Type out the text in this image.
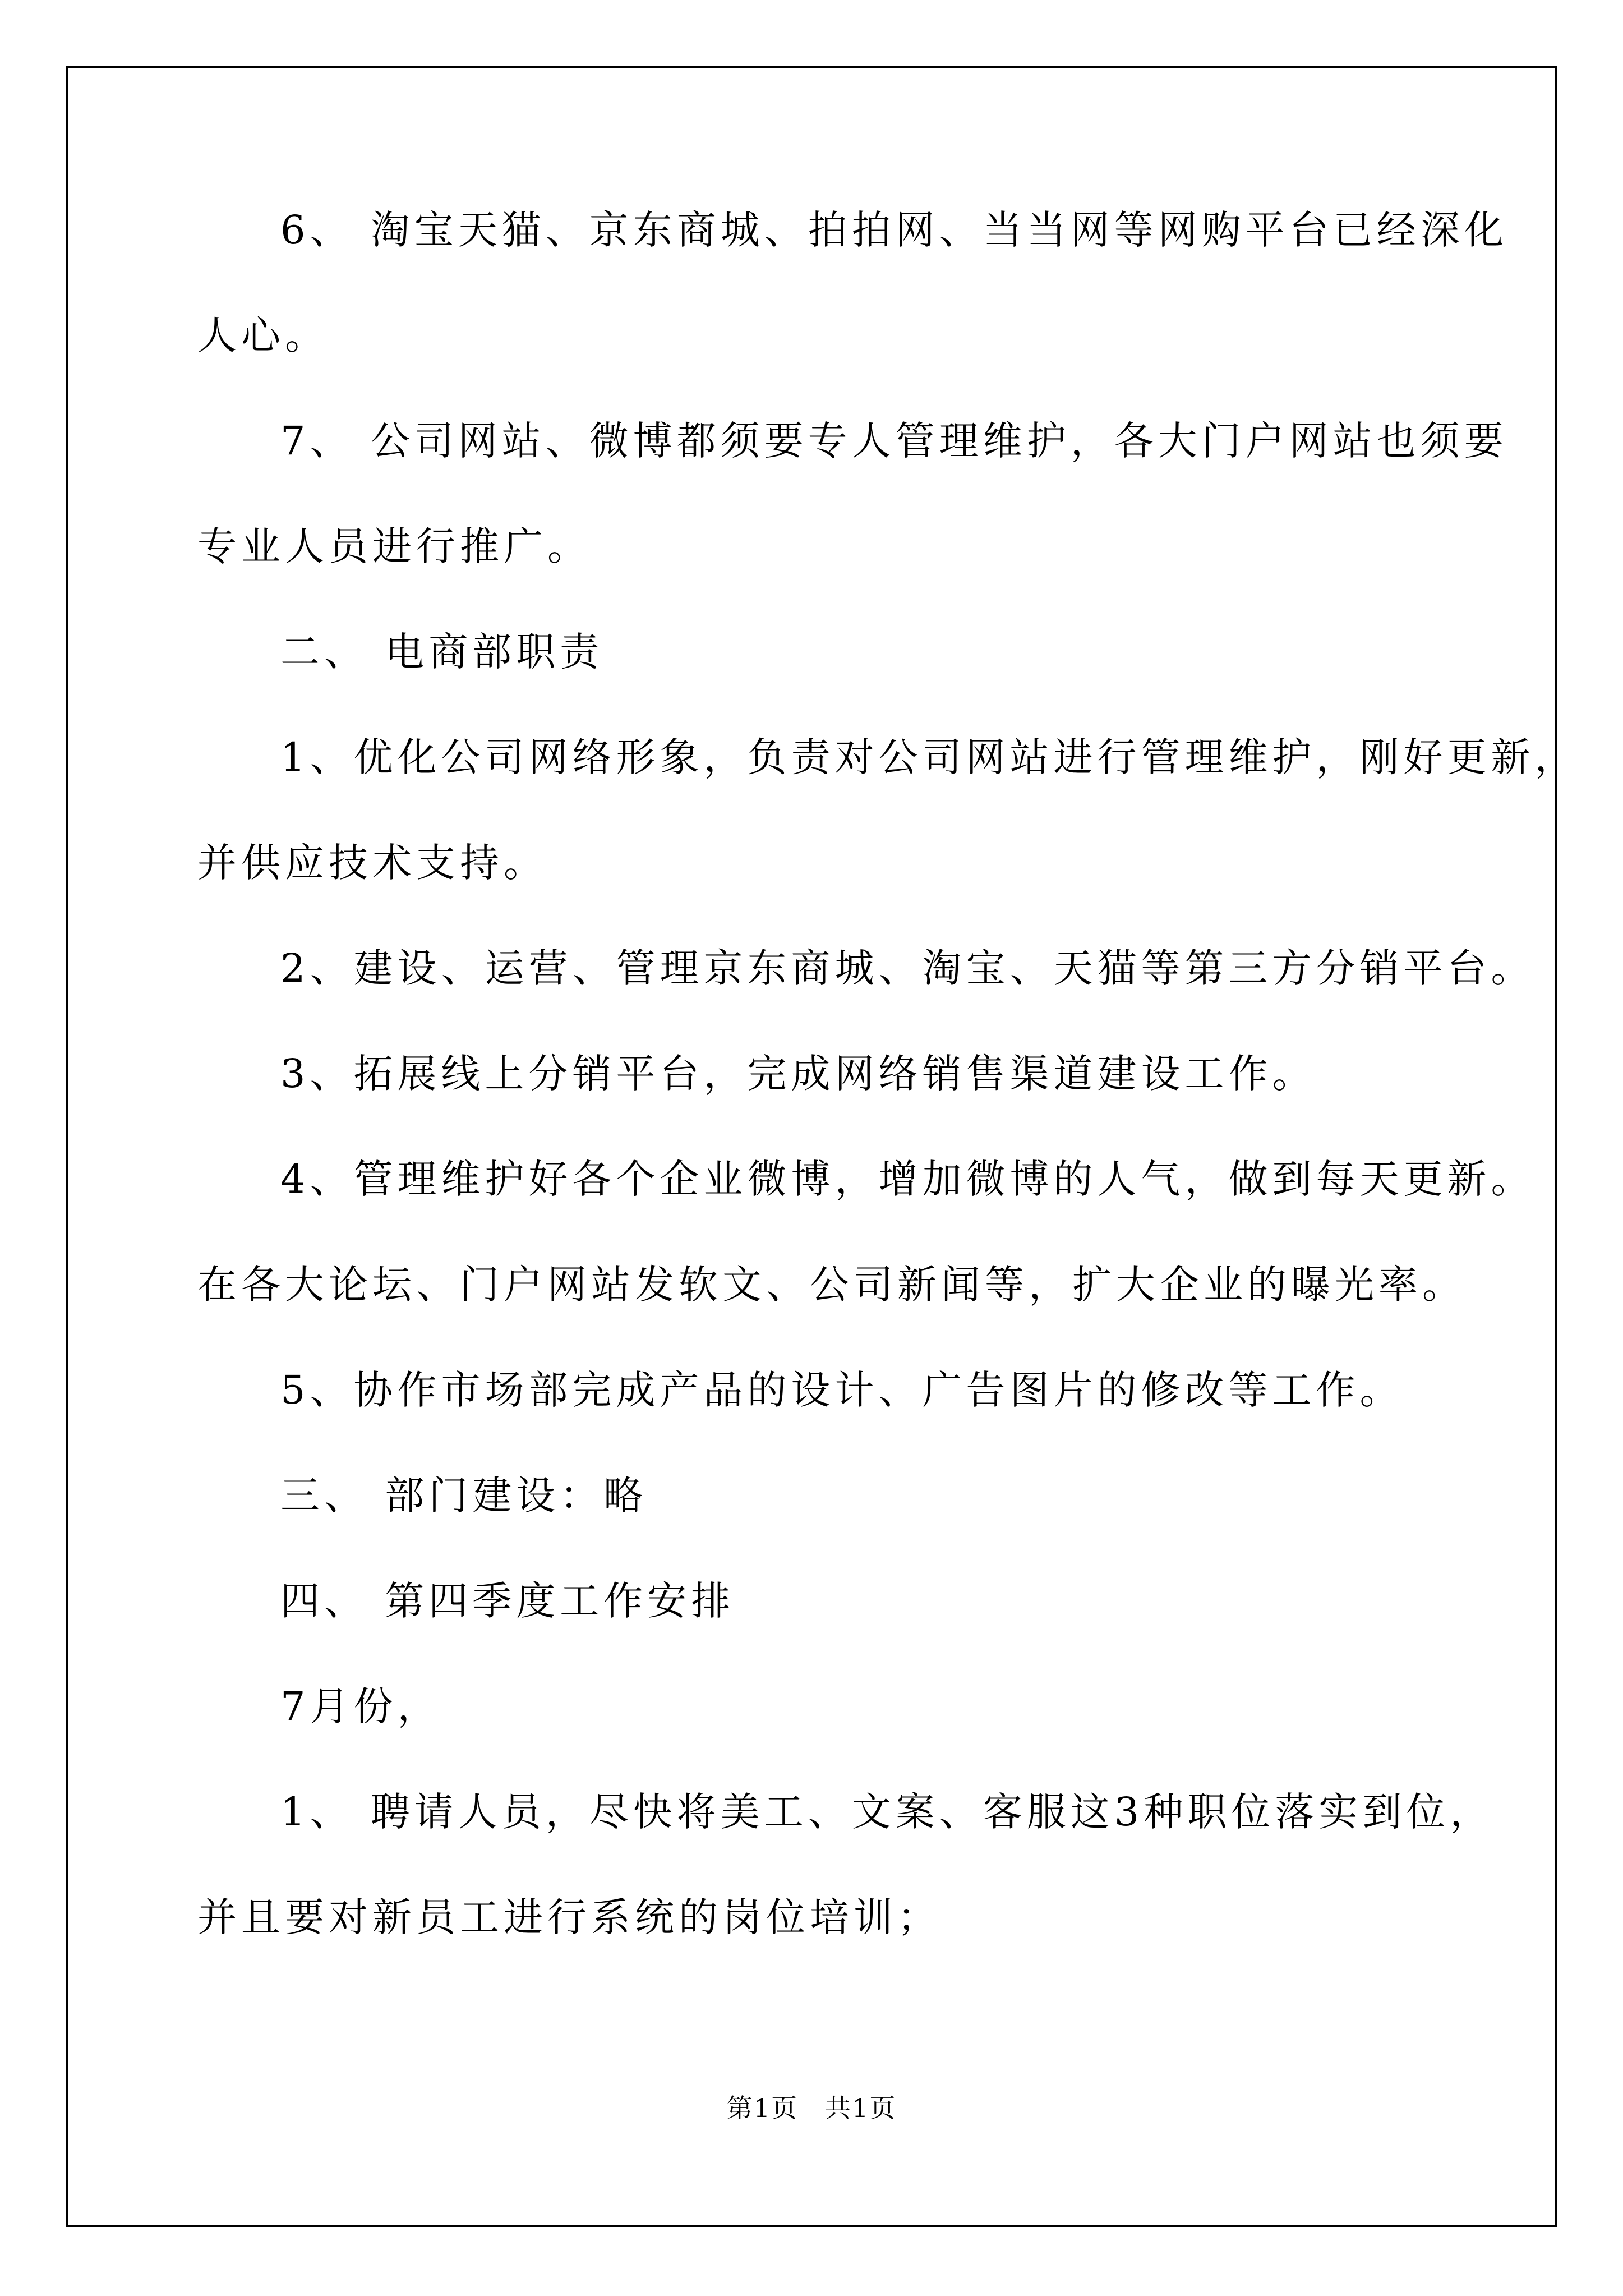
6、 淘宝天猫、京东商城、拍拍网、当当网等网购平台已经深化
人心。
7、 公司网站、微博都须要专人管理维护，各大门户网站也须要
专业人员进行推广。
二、 电商部职责
1、优化公司网络形象，负责对公司网站进行管理维护，刚好更新，
并供应技术支持。
2、建设、运营、管理京东商城、淘宝、天猫等第三方分销平台。
3、拓展线上分销平台，完成网络销售渠道建设工作。
4、管理维护好各个企业微博，增加微博的人气，做到每天更新。
在各大论坛、门户网站发软文、公司新闻等，扩大企业的曝光率。
5、协作市场部完成产品的设计、广告图片的修改等工作。
三、 部门建设：略
四、 第四季度工作安排
7月份，
1、 聘请人员，尽快将美工、文案、客服这3种职位落实到位，
并且要对新员工进行系统的岗位培训；
第1页　共1页
